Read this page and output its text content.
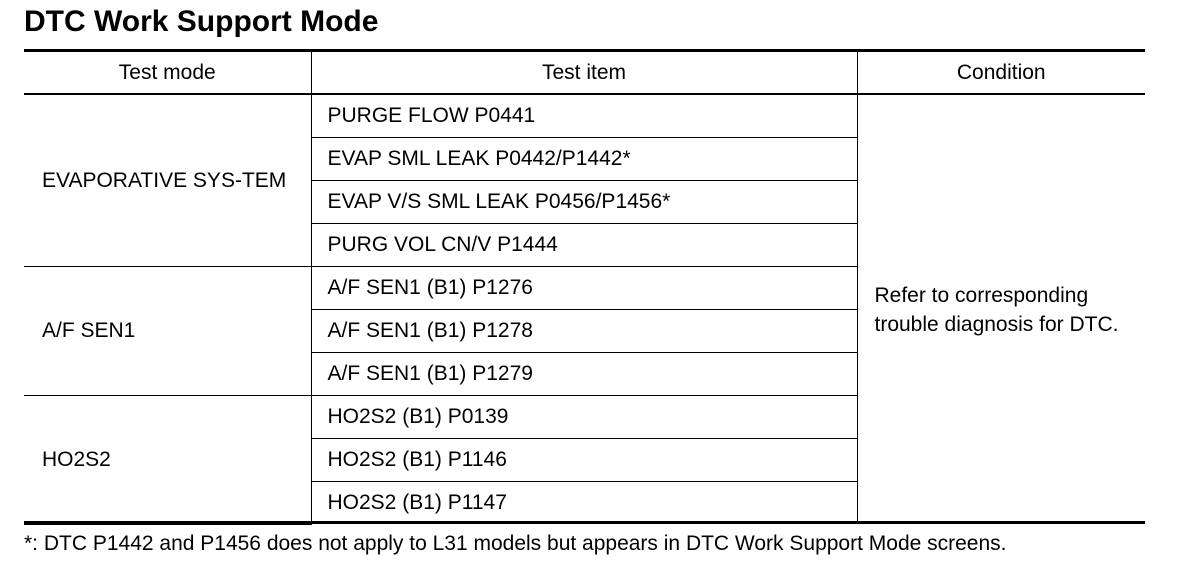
DTC Work Support Mode
Test mode	Test item	Condition
EVAPORATIVE SYS-TEM	PURGE FLOW P0441	Refer to corresponding trouble diagnosis for DTC.
	EVAP SML LEAK P0442/P1442*	
	EVAP V/S SML LEAK P0456/P1456*	
	PURG VOL CN/V P1444	
A/F SEN1	A/F SEN1 (B1) P1276	
	A/F SEN1 (B1) P1278	
	A/F SEN1 (B1) P1279	
HO2S2	HO2S2 (B1) P0139	
	HO2S2 (B1) P1146	
	HO2S2 (B1) P1147	
*: DTC P1442 and P1456 does not apply to L31 models but appears in DTC Work Support Mode screens.
